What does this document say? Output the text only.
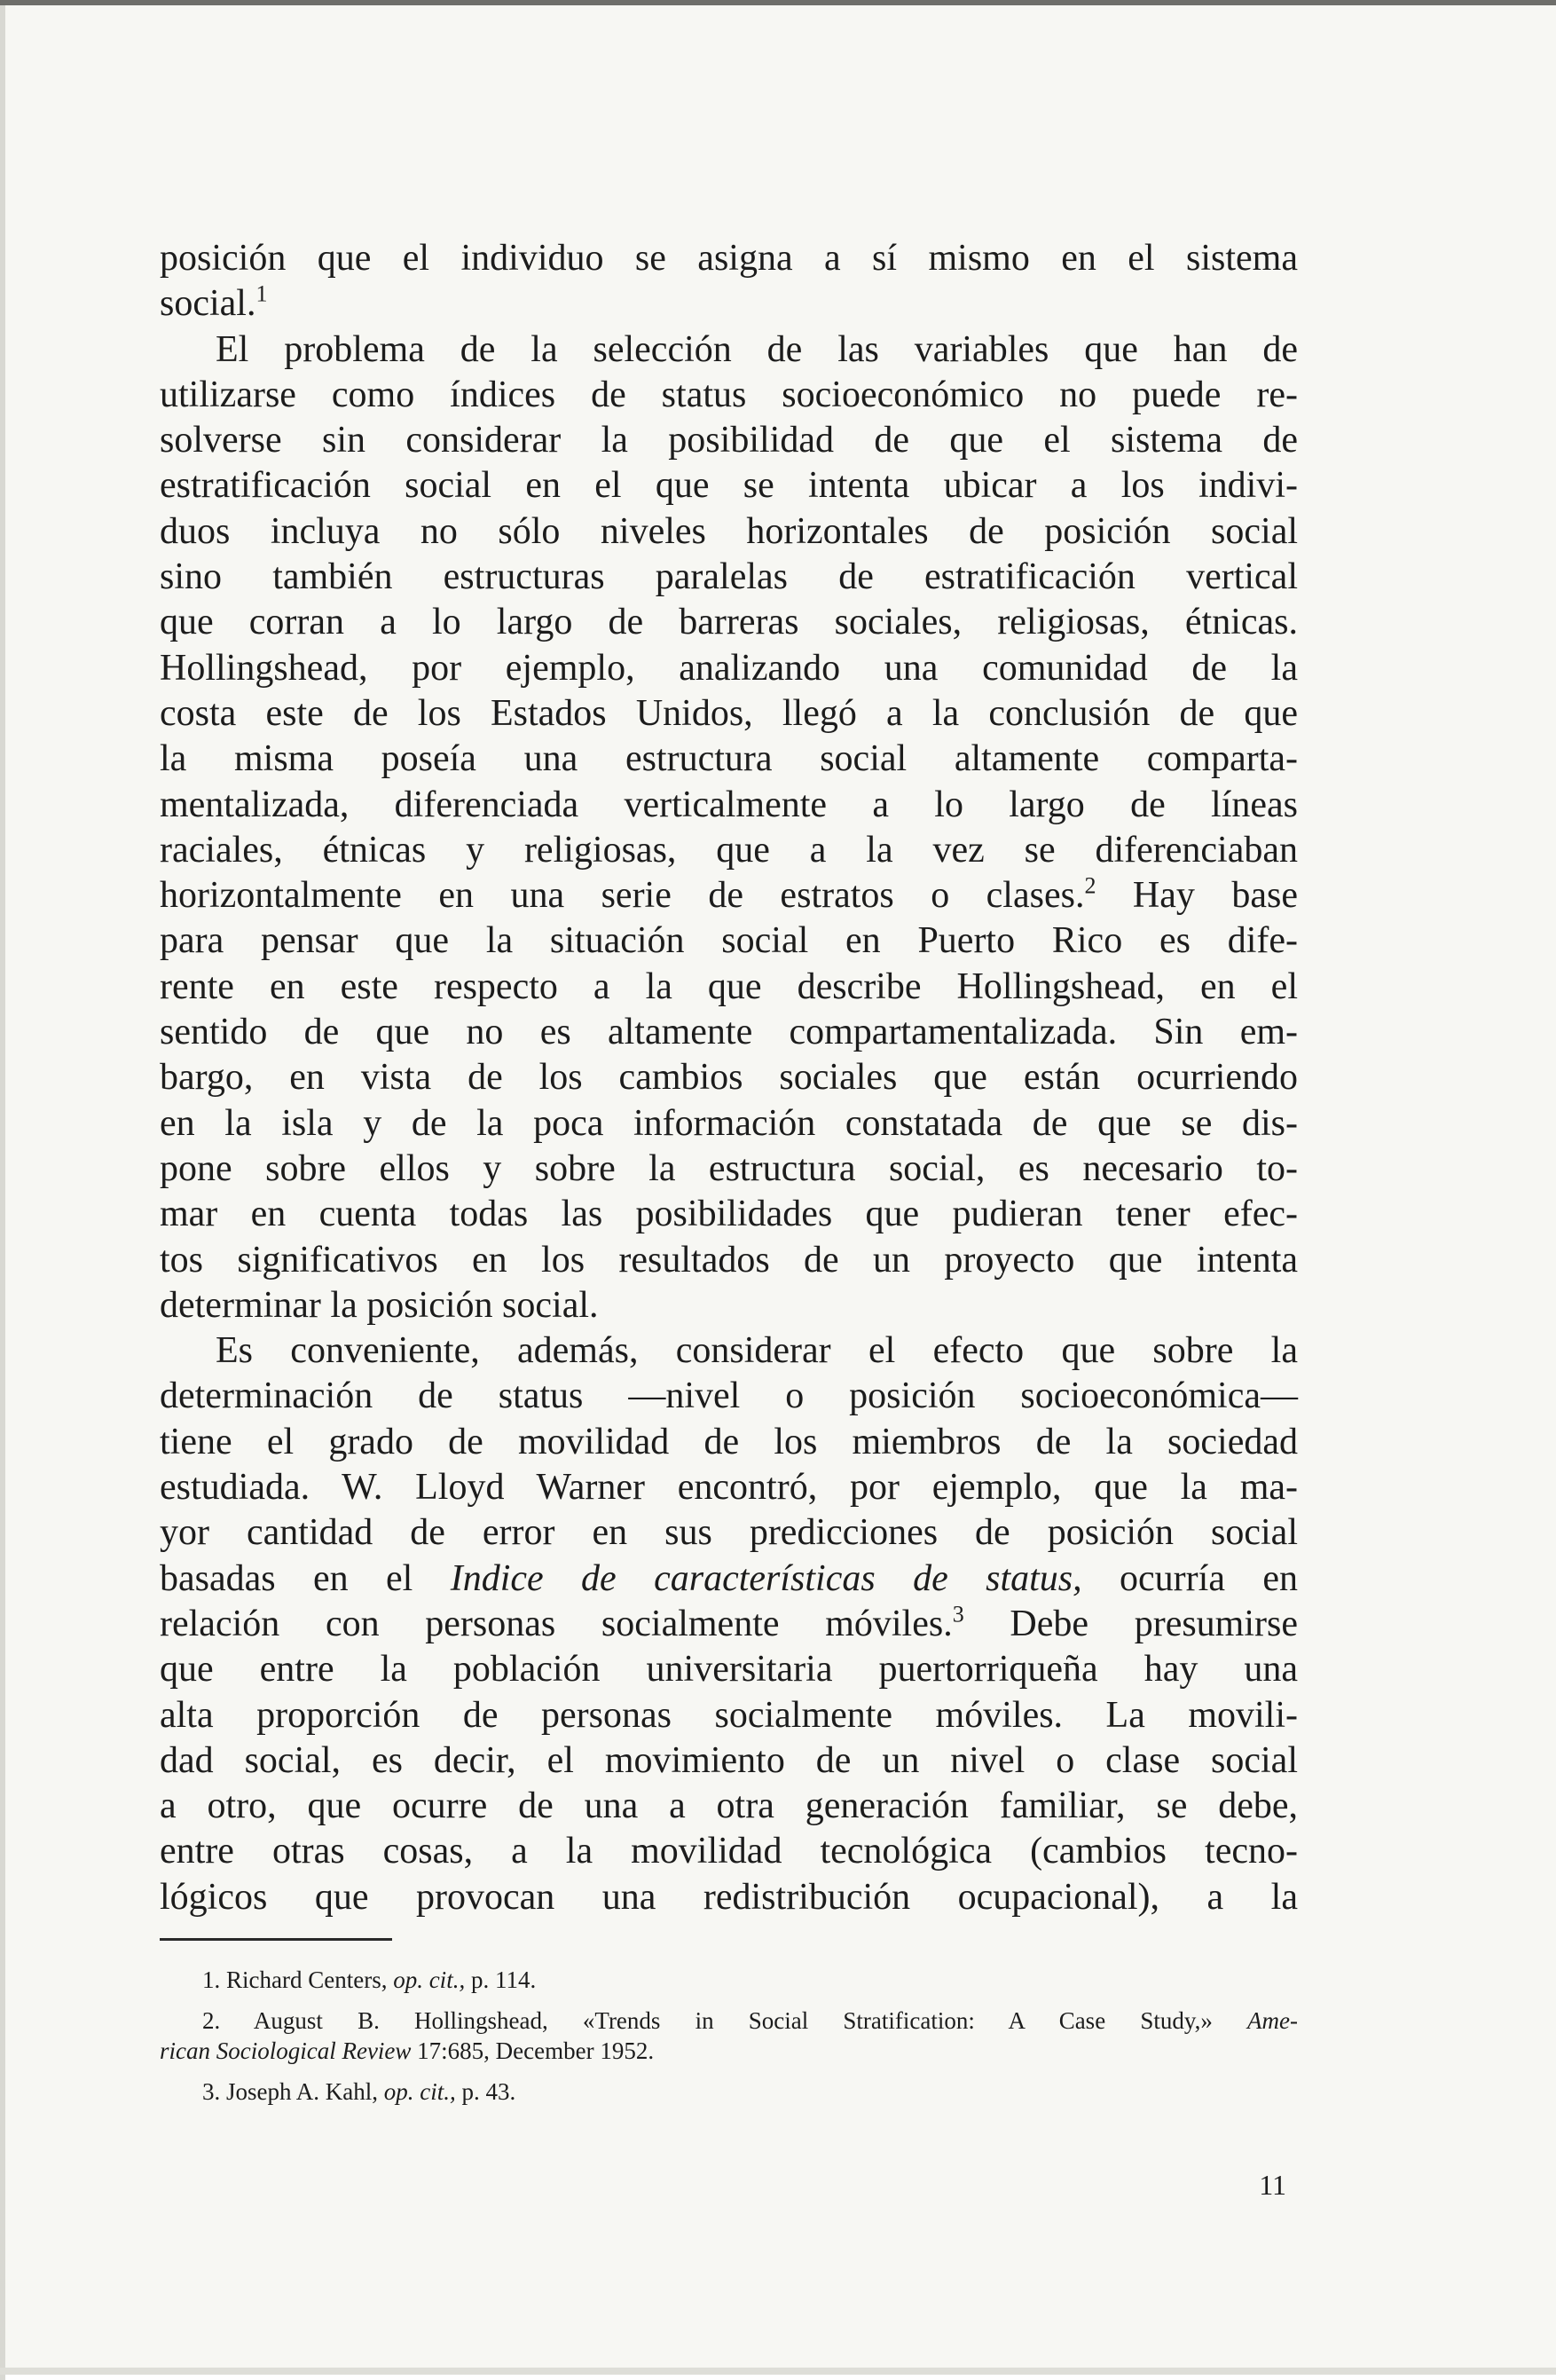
posición que el individuo se asigna a sí mismo en el sistema
social.$^1$

El problema de la selección de las variables que han de
utilizarse como índices de status socioeconómico no puede re-
solverse sin considerar la posibilidad de que el sistema de
estratificación social en el que se intenta ubicar a los indivi-
duos incluya no sólo niveles horizontales de posición social
sino también estructuras paralelas de estratificación vertical
que corran a lo largo de barreras sociales, religiosas, étnicas.
Hollingshead, por ejemplo, analizando una comunidad de la
costa este de los Estados Unidos, llegó a la conclusión de que
la misma poseía una estructura social altamente comparta-
mentalizada, diferenciada verticalmente a lo largo de líneas
raciales, étnicas y religiosas, que a la vez se diferenciaban
horizontalmente en una serie de estratos o clases.$^2$ Hay base
para pensar que la situación social en Puerto Rico es dife-
rente en este respecto a la que describe Hollingshead, en el
sentido de que no es altamente compartamentalizada. Sin em-
bargo, en vista de los cambios sociales que están ocurriendo
en la isla y de la poca información constatada de que se dis-
pone sobre ellos y sobre la estructura social, es necesario to-
mar en cuenta todas las posibilidades que pudieran tener efec-
tos significativos en los resultados de un proyecto que intenta
determinar la posición social.

Es conveniente, además, considerar el efecto que sobre la
determinación de status —nivel o posición socioeconómica—
tiene el grado de movilidad de los miembros de la sociedad
estudiada. W. Lloyd Warner encontró, por ejemplo, que la ma-
yor cantidad de error en sus predicciones de posición social
basadas en el Indice de características de status, ocurría en
relación con personas socialmente móviles.$^3$ Debe presumirse
que entre la población universitaria puertorriqueña hay una
alta proporción de personas socialmente móviles. La movili-
dad social, es decir, el movimiento de un nivel o clase social
a otro, que ocurre de una a otra generación familiar, se debe,
entre otras cosas, a la movilidad tecnológica (cambios tecno-
lógicos que provocan una redistribución ocupacional), a la

1. Richard Centers, op. cit., p. 114.

2. August B. Hollingshead, «Trends in Social Stratification: A Case Study,» Ame-
rican Sociological Review 17:685, December 1952.

3. Joseph A. Kahl, op. cit., p. 43.

11
